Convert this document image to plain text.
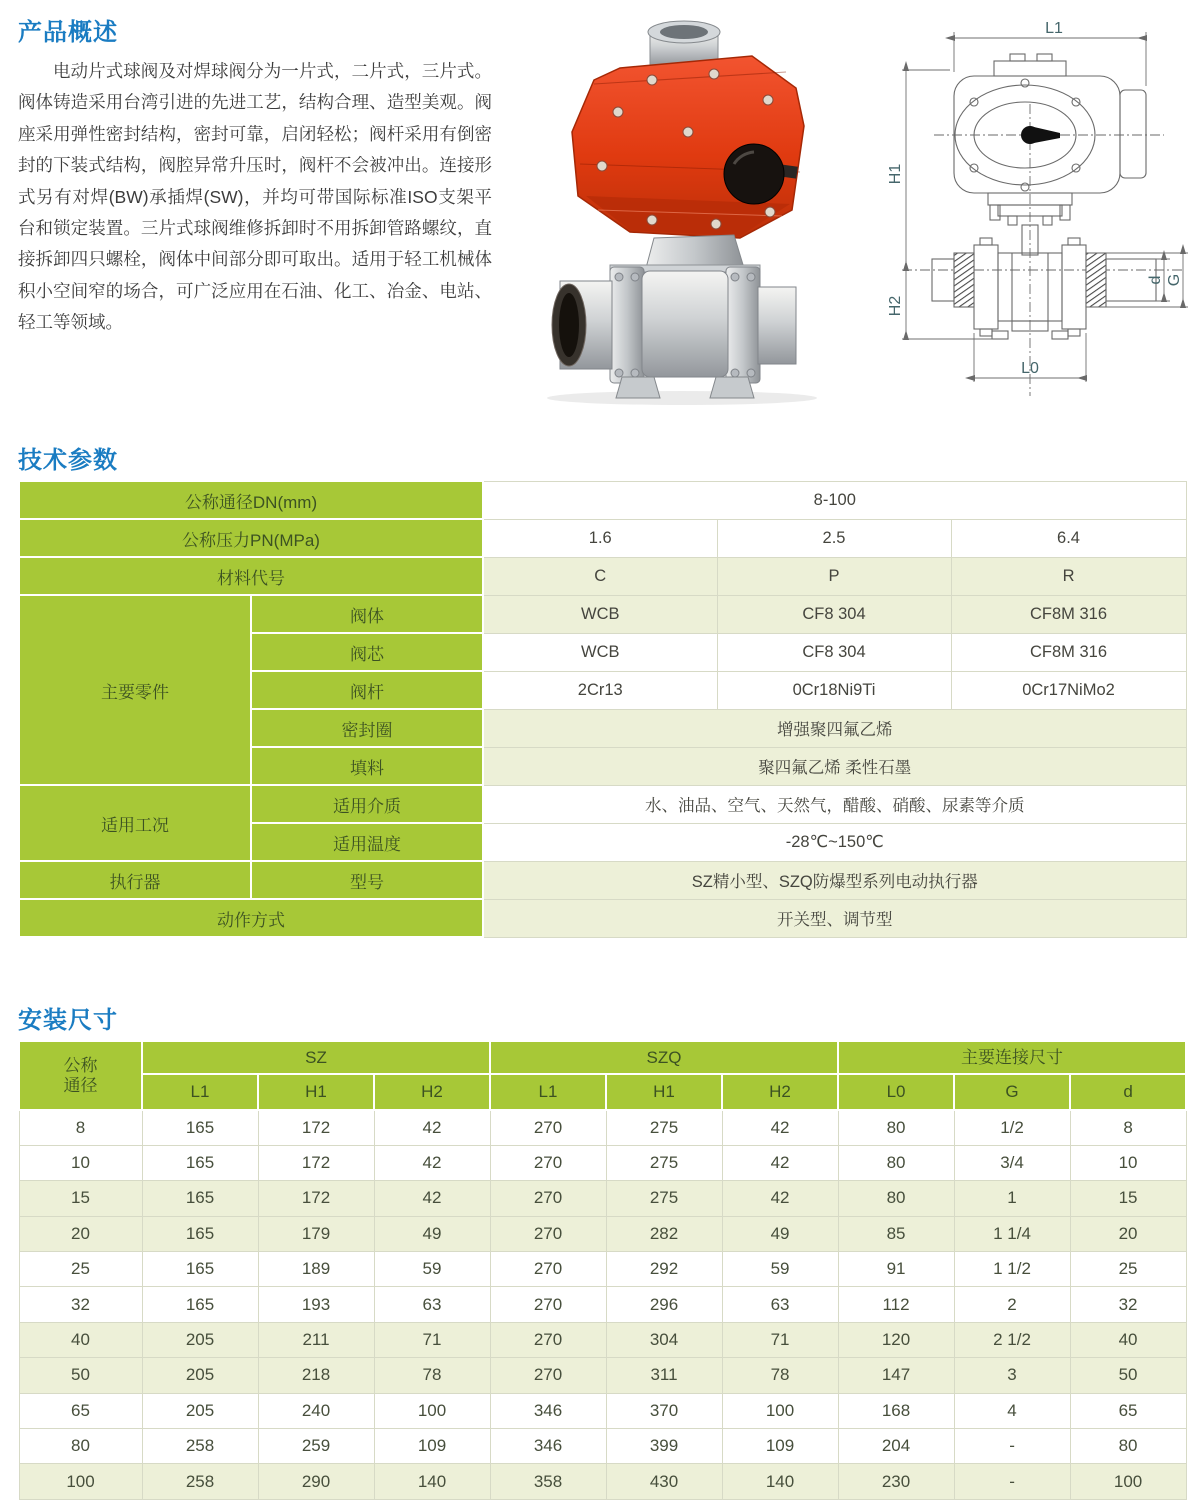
产品概述

电动片式球阀及对焊球阀分为一片式，二片式，三片式。阀体铸造采用台湾引进的先进工艺，结构合理、造型美观。阀座采用弹性密封结构，密封可靠，启闭轻松；阀杆采用有倒密封的下装式结构，阀腔异常升压时，阀杆不会被冲出。连接形式另有对焊(BW)承插焊(SW)，并均可带国际标准ISO支架平台和锁定装置。三片式球阀维修拆卸时不用拆卸管路螺纹，直接拆卸四只螺栓，阀体中间部分即可取出。适用于轻工机械体积小空间窄的场合，可广泛应用在石油、化工、冶金、电站、轻工等领域。

L1
H1
H2
L0
d G
技术参数
公称通径DN(mm)		8-100		
公称压力PN(MPa)		1.6	2.5	6.4
材料代号		C	P	R
主要零件	阀体	WCB	CF8 304	CF8M 316
	阀芯	WCB	CF8 304	CF8M 316
	阀杆	2Cr13	0Cr18Ni9Ti	0Cr17NiMo2
	密封圈	增强聚四氟乙烯		
	填料	聚四氟乙烯 柔性石墨		
适用工况	适用介质	水、油品、空气、天然气，醋酸、硝酸、尿素等介质		
	适用温度	-28℃~150℃		
执行器	型号	SZ精小型、SZQ防爆型系列电动执行器		
动作方式		开关型、调节型		
安装尺寸
公称
通径	SZ			SZQ			主要连接尺寸		
	L1	H1	H2	L1	H1	H2	L0	G	d
8	165	172	42	270	275	42	80	1/2	8
10	165	172	42	270	275	42	80	3/4	10
15	165	172	42	270	275	42	80	1	15
20	165	179	49	270	282	49	85	1 1/4	20
25	165	189	59	270	292	59	91	1 1/2	25
32	165	193	63	270	296	63	112	2	32
40	205	211	71	270	304	71	120	2 1/2	40
50	205	218	78	270	311	78	147	3	50
65	205	240	100	346	370	100	168	4	65
80	258	259	109	346	399	109	204	-	80
100	258	290	140	358	430	140	230	-	100
